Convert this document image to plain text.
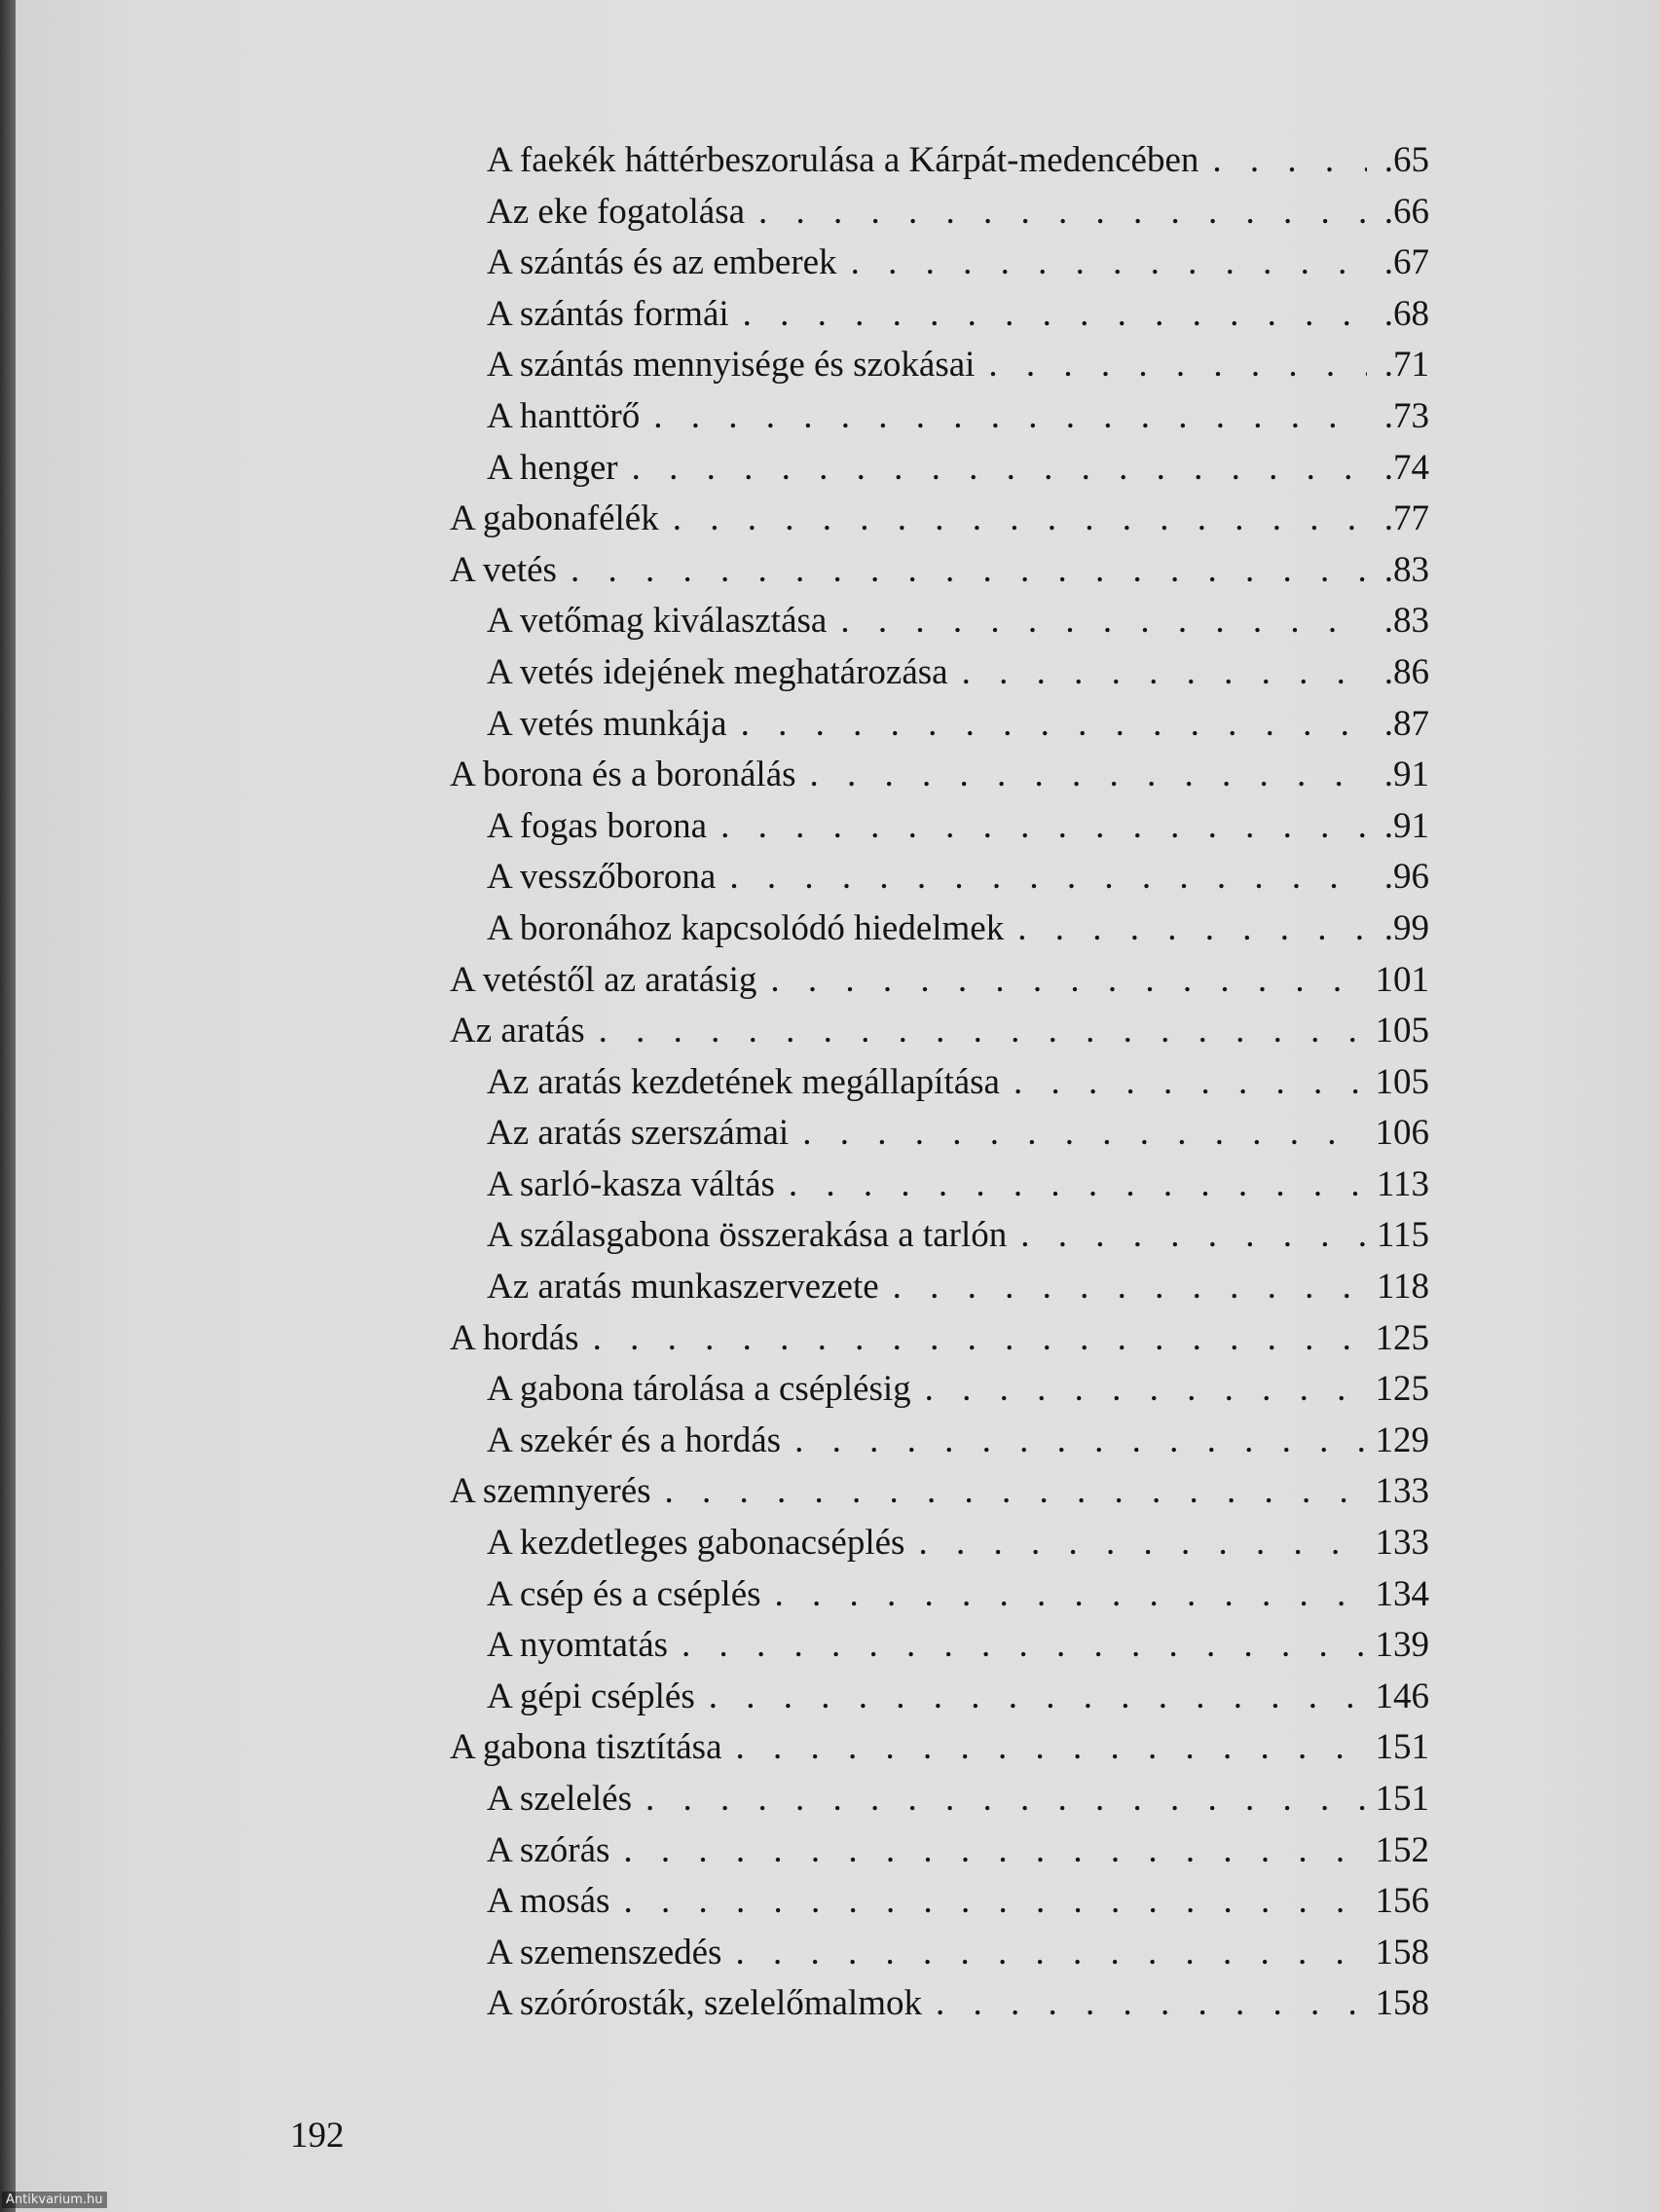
A faekék háttérbeszorulása a Kárpát-medencében . . .	.65
Az eke fogatolása . . .	.66
A szántás és az emberek . . .	.67
A szántás formái . . .	.68
A szántás mennyisége és szokásai . . .	.71
A hanttörő . . .	.73
A henger . . .	.74
A gabonafélék . . .	.77
A vetés . . .	.83
A vetőmag kiválasztása . . .	.83
A vetés idejének meghatározása . . .	.86
A vetés munkája . . .	.87
A borona és a boronálás . . .	.91
A fogas borona . . .	.91
A vesszőborona . . .	.96
A boronához kapcsolódó hiedelmek . . .	.99
A vetéstől az aratásig . . .	101
Az aratás . . .	105
Az aratás kezdetének megállapítása . . .	105
Az aratás szerszámai . . .	106
A sarló-kasza váltás . . .	113
A szálasgabona összerakása a tarlón . . .	115
Az aratás munkaszervezete . . .	118
A hordás . . .	125
A gabona tárolása a cséplésig . . .	125
A szekér és a hordás . . .	129
A szemnyerés . . .	133
A kezdetleges gabonacséplés . . .	133
A csép és a cséplés . . .	134
A nyomtatás . . .	139
A gépi cséplés . . .	146
A gabona tisztítása . . .	151
A szelelés . . .	151
A szórás . . .	152
A mosás . . .	156
A szemenszedés . . .	158
A szórórosták, szelelőmalmok . . .	158
192
Antikvarium.hu
